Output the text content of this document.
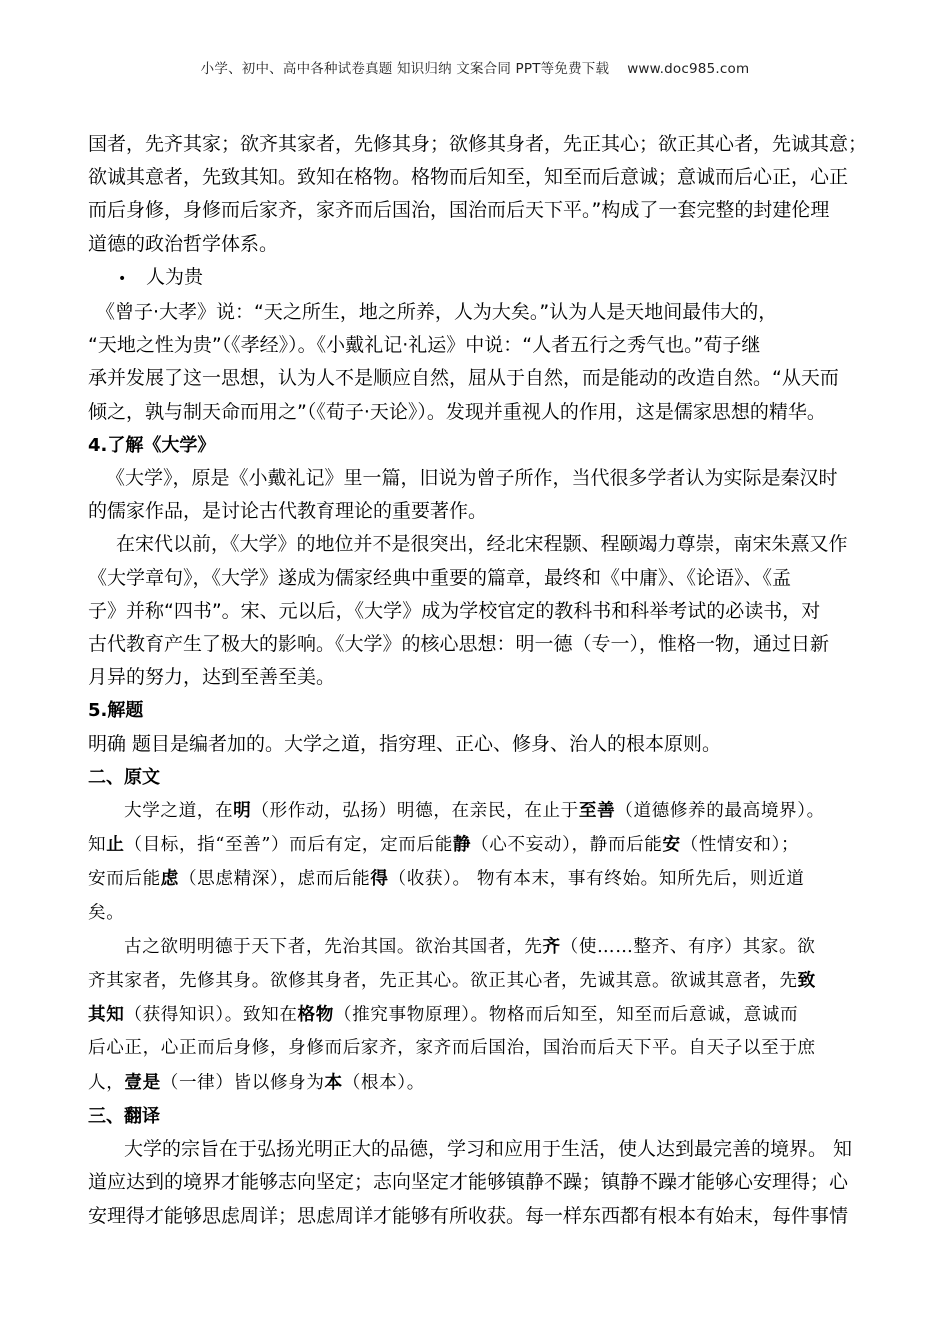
小学、初中、高中各种试卷真题 知识归纳 文案合同 PPT等免费下载 www.doc985.com
国者，先齐其家；欲齐其家者，先修其身；欲修其身者，先正其心；欲正其心者，先诚其意；
欲诚其意者，先致其知。致知在格物。格物而后知至，知至而后意诚；意诚而后心正，心正
而后身修，身修而后家齐，家齐而后国治，国治而后天下平。”构成了一套完整的封建伦理
道德的政治哲学体系。
• 人为贵
《曾子·大孝》说：“天之所生，地之所养，人为大矣。”认为人是天地间最伟大的，
“天地之性为贵”（《孝经》）。《小戴礼记·礼运》中说：“人者五行之秀气也。”荀子继
承并发展了这一思想，认为人不是顺应自然，屈从于自然，而是能动的改造自然。“从天而
倾之，孰与制天命而用之”（《荀子·天论》）。发现并重视人的作用，这是儒家思想的精华。
4.了解《大学》
《大学》，原是《小戴礼记》里一篇，旧说为曾子所作，当代很多学者认为实际是秦汉时
的儒家作品，是讨论古代教育理论的重要著作。
在宋代以前，《大学》的地位并不是很突出，经北宋程颢、程颐竭力尊崇，南宋朱熹又作
《大学章句》，《大学》遂成为儒家经典中重要的篇章，最终和《中庸》、《论语》、《孟
子》并称“四书”。宋、元以后，《大学》成为学校官定的教科书和科举考试的必读书，对
古代教育产生了极大的影响。《大学》的核心思想：明一德（专一），惟格一物，通过日新
月异的努力，达到至善至美。
5.解题
明确 题目是编者加的。大学之道，指穷理、正心、修身、治人的根本原则。
二、原文
大学之道，在明（形作动，弘扬）明德，在亲民，在止于至善（道德修养的最高境界）。
知止（目标，指“至善”）而后有定，定而后能静（心不妄动），静而后能安（性情安和）；
安而后能虑（思虑精深），虑而后能得（收获）。 物有本末，事有终始。知所先后，则近道
矣。
古之欲明明德于天下者，先治其国。欲治其国者，先齐（使……整齐、有序）其家。欲
齐其家者，先修其身。欲修其身者，先正其心。欲正其心者，先诚其意。欲诚其意者，先致
其知（获得知识）。致知在格物（推究事物原理）。物格而后知至，知至而后意诚，意诚而
后心正，心正而后身修，身修而后家齐，家齐而后国治，国治而后天下平。自天子以至于庶
人，壹是（一律）皆以修身为本（根本）。
三、翻译
大学的宗旨在于弘扬光明正大的品德，学习和应用于生活，使人达到最完善的境界。 知
道应达到的境界才能够志向坚定；志向坚定才能够镇静不躁；镇静不躁才能够心安理得；心
安理得才能够思虑周详；思虑周详才能够有所收获。每一样东西都有根本有始末，每件事情
